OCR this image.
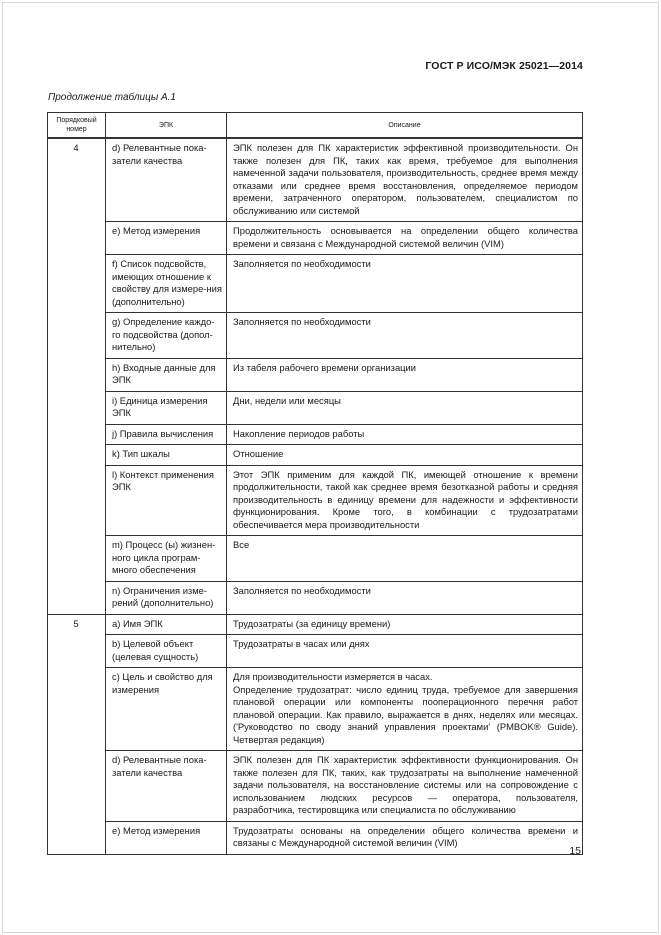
ГОСТ Р ИСО/МЭК 25021—2014
Продолжение таблицы А.1
Порядковый номер	ЭПК	Описание
4	d) Релевантные пока-затели качества	ЭПК полезен для ПК характеристик эффективной производительности. Он также полезен для ПК, таких как время, требуемое для выполнения намеченной задачи пользователя, производительность, среднее время между отказами или среднее время восстановления, определяемое периодом времени, затраченного оператором, пользователем, специалистом по обслуживанию или системой
	e) Метод измерения	Продолжительность основывается на определении общего количества времени и связана с Международной системой величин (VIM)
	f) Список подсвойств, имеющих отношение к свойству для измере-ния (дополнительно)	Заполняется по необходимости
	g) Определение каждо-го подсвойства (допол-нительно)	Заполняется по необходимости
	h) Входные данные для ЭПК	Из табеля рабочего времени организации
	i) Единица измерения ЭПК	Дни, недели или месяцы
	j) Правила вычисления	Накопление периодов работы
	k) Тип шкалы	Отношение
	l) Контекст применения ЭПК	Этот ЭПК применим для каждой ПК, имеющей отношение к времени продолжительности, такой как среднее время безотказной работы и средняя производительность в единицу времени для надежности и эффективности функционирования. Кроме того, в комбинации с трудозатратами обеспечивается мера производительности
	m) Процесс (ы) жизнен-ного цикла програм-много обеспечения	Все
	n) Ограничения изме-рений (дополнительно)	Заполняется по необходимости
5	a) Имя ЭПК	Трудозатраты (за единицу времени)
	b) Целевой объект (целевая сущность)	Трудозатраты в часах или днях
	c) Цель и свойство для измерения	Для производительности измеряется в часах.
Определение трудозатрат: число единиц труда, требуемое для завершения плановой операции или компоненты пооперационного перечня работ плановой операции. Как правило, выражается в днях, неделях или месяцах. ('Руководство по своду знаний управления проектами' (PMBOK® Guide). Четвертая редакция)
	d) Релевантные пока-затели качества	ЭПК полезен для ПК характеристик эффективности функционирования. Он также полезен для ПК, таких, как трудозатраты на выполнение намеченной задачи пользователя, на восстановление системы или на сопровождение с использованием людских ресурсов — оператора, пользователя, разработчика, тестировщика или специалиста по обслуживанию
	e) Метод измерения	Трудозатраты основаны на определении общего количества времени и связаны с Международной системой величин (VIM)
15
